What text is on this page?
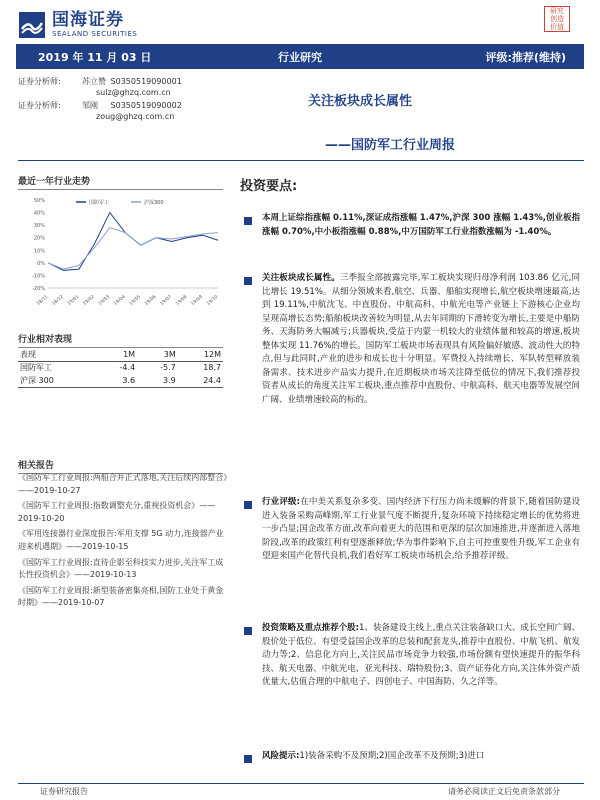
国海证券
SEALAND SECURITIES
研究创造价值
行业研究
2019 年 11 月 03 日	评级:推荐(维持)
证券分析师:	苏立赞 S0350519090001
sulz@ghzq.com.cn
证券分析师:	邹刚 S0350519090002
zoug@ghzq.com.cn
关注板块成长属性
——国防军工行业周报
最近一年行业走势
50%
40%
30%
20%
10%
0%
-10%
-20%
18/11 18/12 19/01 19/02 19/03 19/04 19/05 19/06 19/07 19/08 19/09 19/10
国防军工	沪深300
行业相对表现
表现	1M	3M	12M
国防军工	-4.4	-5.7	18.7
沪深 300	3.6	3.9	24.4
相关报告
《国防军工行业周报:两船合并正式落地,关注后续内部整合》——2019-10-27
《国防军工行业周报:指数调整充分,重视投资机会》——2019-10-20
《军用连接器行业深度报告:军用支撑 5G 动力,连接器产业迎来机遇期》——2019-10-15
《国防军工行业周报:直待企影至科技实力进步,关注军工成长性投资机会》——2019-10-13
《国防军工行业周报:新型装备密集亮相,国防工业处于黄金时期》——2019-10-07
投资要点:
本周上证综指涨幅 0.11%,深证成指涨幅 1.47%,沪深 300 涨幅 1.43%,创业板指涨幅 0.70%,中小板指涨幅 0.88%,中万国防军工行业指数涨幅为 -1.40%。
关注板块成长属性。三季报全部披露完毕,军工板块实现归母净利润 103.86 亿元,同比增长 19.51%。从细分领域来看,航空、兵器、船舶实现增长,航空板块增速最高,达到 19.11%,中航沈飞、中直股份、中航高科、中航光电等产业链上下游核心企业均呈现高增长态势;船舶板块改善较为明显,从去年同期的下滑转变为增长,主要是中船防务、天海防务大幅减亏;兵器板块,受益于内蒙一机较大的业绩体量和较高的增速,板块整体实现 11.76%的增长。国防军工板块市场表现具有风险偏好敏感、波动性大的特点,但与此同时,产业的进步和成长也十分明显。军费投入持续增长、军队转型释放装备需求、技术进步产品实力提升,在近期板块市场关注降至低位的情况下,我们推荐投资者从成长的角度关注军工板块,重点推荐中直股份、中航高科、航天电器等发展空间广阔、业绩增速较高的标的。
行业评级:在中美关系复杂多变、国内经济下行压力尚未缓解的背景下,随着国防建设进入装备采购高峰期,军工行业景气度不断提升,复杂环境下持续稳定增长的优势将进一步凸显;国企改革方面,改革向着更大的范围和更深的层次加速推进,并逐渐进入落地阶段,改革的政策红利有望逐渐释放;华为事件影响下,自主可控重要性升级,军工企业有望迎来国产化替代良机,我们看好军工板块市场机会,给予推荐评级。
投资策略及重点推荐个股:1、装备建设主线上,重点关注装备缺口大、成长空间广阔、股价处于低位、有望受益国企改革的总装和配套龙头,推荐中直股份、中航飞机、航发动力等;2、信息化方向上,关注民品市场竞争力较强,市场份额有望快速提升的振华科技、航天电器、中航光电、亚光科技、瑞特股份;3、资产证券化方向,关注体外资产质优量大,估值合理的中航电子、四创电子、中国海防、久之洋等。
风险提示:1)装备采购不及预期;2)国企改革不及预期;3)进口
证券研究报告	请务必阅读正文后免责条款部分
